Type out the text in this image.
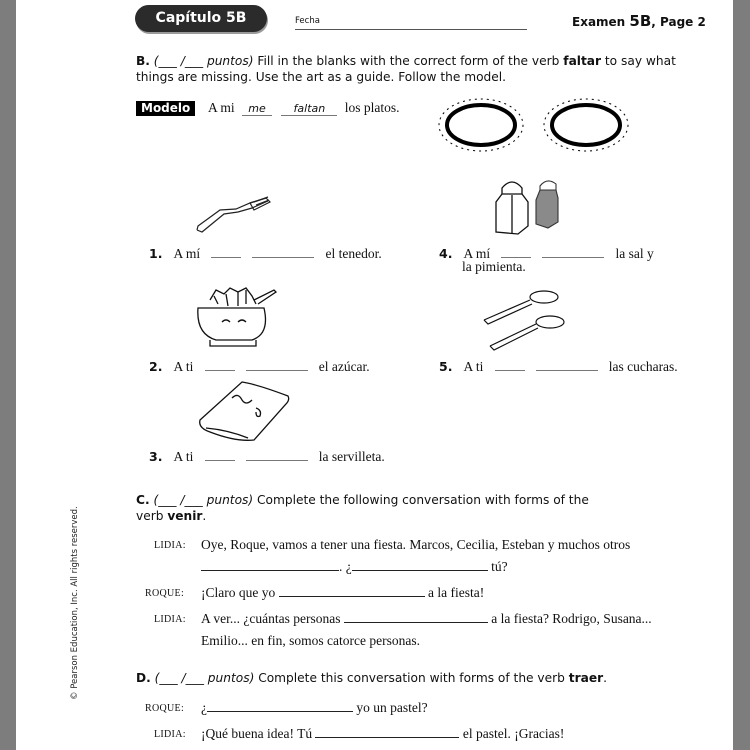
Capítulo 5B	Fecha	Examen 5B, Page 2
B. (___ /___ puntos) Fill in the blanks with the correct form of the verb faltar to say what
things are missing. Use the art as a guide. Follow the model.
Modelo	A mi me	faltan los platos.
1. A mí	el tenedor.	4. A mí	la sal y
la pimienta.
2. A ti	el azúcar.	5. A ti	las cucharas.
3. A ti	la servilleta.
C. (___ /___ puntos) Complete the following conversation with forms of the
verb venir.
LIDIA: Oye, Roque, vamos a tener una fiesta. Marcos, Cecilia, Esteban y muchos otros
. ¿	tú?
ROQUE: ¡Claro que yo	a la fiesta!
LIDIA: A ver... ¿cuántas personas	a la fiesta? Rodrigo, Susana...
Emilio... en fin, somos catorce personas.
D. (___ /___ puntos) Complete this conversation with forms of the verb traer.
ROQUE: ¿	yo un pastel?
LIDIA: ¡Qué buena idea! Tú	el pastel. ¡Gracias!
© Pearson Education, Inc. All rights reserved.
